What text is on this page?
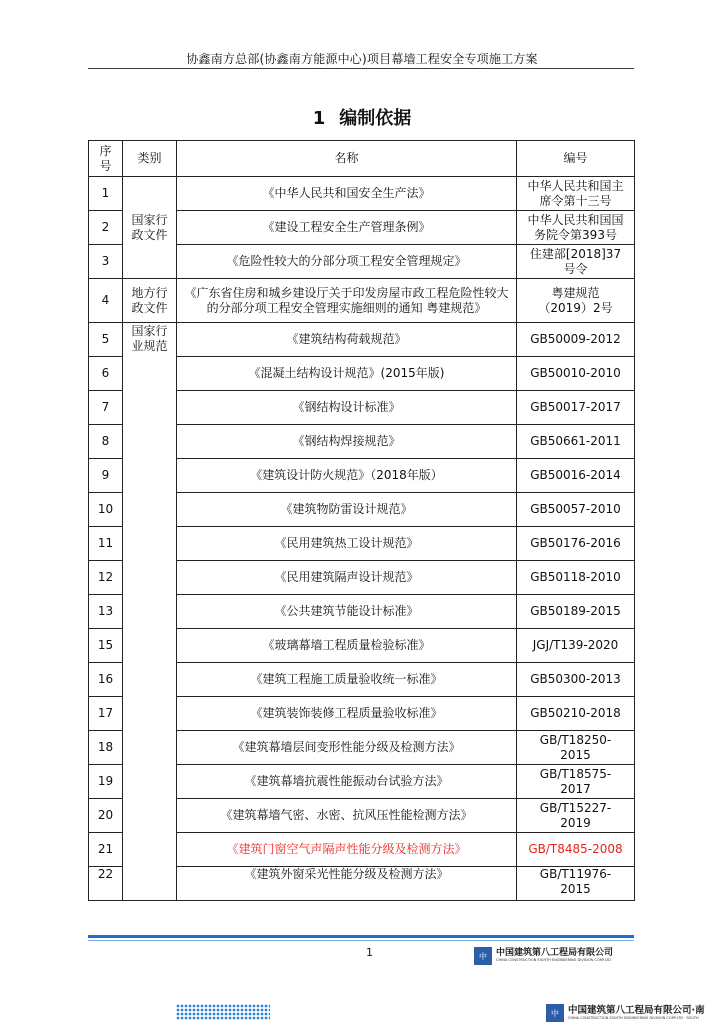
协鑫南方总部(协鑫南方能源中心)项目幕墙工程安全专项施工方案
1 编制依据
序号	类别	名称	编号
1	国家行政文件	《中华人民共和国安全生产法》	中华人民共和国主席令第十三号
2		《建设工程安全生产管理条例》	中华人民共和国国务院令第393号
3		《危险性较大的分部分项工程安全管理规定》	住建部[2018]37号令
4	地方行政文件	《广东省住房和城乡建设厅关于印发房屋市政工程危险性较大的分部分项工程安全管理实施细则的通知 粤建规范》	粤建规范（2019）2号
5	国家行业规范	《建筑结构荷载规范》	GB50009-2012
6		《混凝土结构设计规范》(2015年版)	GB50010-2010
7		《钢结构设计标准》	GB50017-2017
8		《钢结构焊接规范》	GB50661-2011
9		《建筑设计防火规范》（2018年版）	GB50016-2014
10		《建筑物防雷设计规范》	GB50057-2010
11		《民用建筑热工设计规范》	GB50176-2016
12		《民用建筑隔声设计规范》	GB50118-2010
13		《公共建筑节能设计标准》	GB50189-2015
15		《玻璃幕墙工程质量检验标准》	JGJ/T139-2020
16		《建筑工程施工质量验收统一标准》	GB50300-2013
17		《建筑装饰装修工程质量验收标准》	GB50210-2018
18		《建筑幕墙层间变形性能分级及检测方法》	GB/T18250-2015
19		《建筑幕墙抗震性能振动台试验方法》	GB/T18575-2017
20		《建筑幕墙气密、水密、抗风压性能检测方法》	GB/T15227-2019
21		《建筑门窗空气声隔声性能分级及检测方法》	GB/T8485-2008
22		《建筑外窗采光性能分级及检测方法》	GB/T11976-2015
1	中	中国建筑第八工程局有限公司
CHINA CONSTRUCTION EIGHTH ENGINEERING DIVISION CORP.LTD
中 中国建筑第八工程局有限公司·南
CHINA CONSTRUCTION EIGHTH ENGINEERING DIVISION CORP.LTD · SOUTH
